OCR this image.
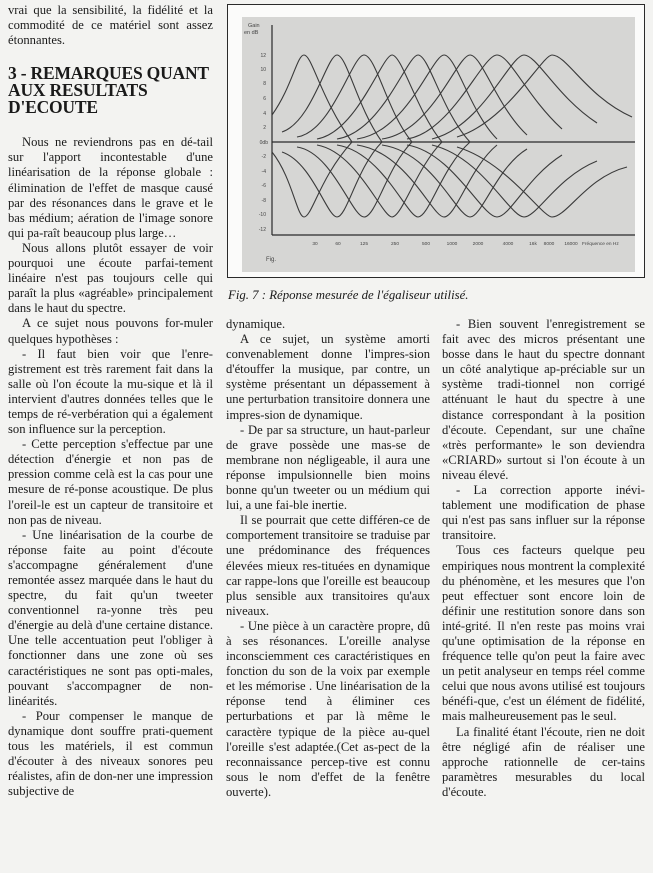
vrai que la sensibilité, la fidélité et la commodité de ce matériel sont assez étonnantes.

3 - REMARQUES QUANT AUX RESULTATS D'ECOUTE

Nous ne reviendrons pas en dé-tail sur l'apport incontestable d'une linéarisation de la réponse globale : élimination de l'effet de masque causé par des résonances dans le grave et le bas médium; aération de l'image sonore qui pa-raît beaucoup plus large…

Nous allons plutôt essayer de voir pourquoi une écoute parfai-tement linéaire n'est pas toujours celle qui paraît la plus «agréable» principalement dans le haut du spectre.

A ce sujet nous pouvons for-muler quelques hypothèses :

- Il faut bien voir que l'enre-gistrement est très rarement fait dans la salle où l'on écoute la mu-sique et là il intervient d'autres données telles que le temps de ré-verbération qui a également son influence sur la perception.

- Cette perception s'effectue par une détection d'énergie et non pas de pression comme celà est la cas pour une mesure de ré-ponse acoustique. De plus l'oreil-le est un capteur de transitoire et non pas de niveau.

- Une linéarisation de la courbe de réponse faite au point d'écoute s'accompagne généralement d'une remontée assez marquée dans le haut du spectre, du fait qu'un tweeter conventionnel ra-yonne très peu d'énergie au delà d'une certaine distance. Une telle accentuation peut l'obliger à fonctionner dans une zone où ses caractéristiques ne sont pas opti-males, pouvant s'accompagner de non-linéarités.

- Pour compenser le manque de dynamique dont souffre prati-quement tous les matériels, il est commun d'écouter à des niveaux sonores peu réalistes, afin de don-ner une impression subjective de

Gain
en dB
12
10
8
6
4
2
0db
-2
-4
-6
-8
-10
-12
30	60	125	250	500	1000	2000	4000	16k 8000 16000 Fréquence en Hz
Fig.
Fig. 7 : Réponse mesurée de l'égaliseur utilisé.

dynamique.

A ce sujet, un système amorti convenablement donne l'impres-sion d'étouffer la musique, par contre, un système présentant un dépassement à une perturbation transitoire donnera une impres-sion de dynamique.

- De par sa structure, un haut-parleur de grave possède une mas-se de membrane non négligeable, il aura une réponse impulsionnelle bien moins bonne qu'un tweeter ou un médium qui lui, a une fai-ble inertie.

Il se pourrait que cette différen-ce de comportement transitoire se traduise par une prédominance des fréquences élevées mieux res-tituées en dynamique car rappe-lons que l'oreille est beaucoup plus sensible aux transitoires qu'aux niveaux.

- Une pièce à un caractère propre, dû à ses résonances. L'oreille analyse inconsciemment ces caractéristiques en fonction du son de la voix par exemple et les mémorise . Une linéarisation de la réponse tend à éliminer ces perturbations et par là même le caractère typique de la pièce au-quel l'oreille s'est adaptée.(Cet as-pect de la reconnaissance percep-tive est connu sous le nom d'effet de la fenêtre ouverte).

- Bien souvent l'enregistrement se fait avec des micros présentant une bosse dans le haut du spectre donnant un côté analytique ap-préciable sur un système tradi-tionnel non corrigé atténuant le haut du spectre à une distance correspondant à la position d'écoute. Cependant, sur une chaîne «très performante» le son deviendra «CRIARD» surtout si l'on écoute à un niveau élevé.

- La correction apporte inévi-tablement une modification de phase qui n'est pas sans influer sur la réponse transitoire.

Tous ces facteurs quelque peu empiriques nous montrent la complexité du phénomène, et les mesures que l'on peut effectuer sont encore loin de définir une restitution sonore dans son inté-grité. Il n'en reste pas moins vrai qu'une optimisation de la réponse en fréquence telle qu'on peut la faire avec un petit analyseur en temps réel comme celui que nous avons utilisé est toujours bénéfi-que, c'est un élément de fidélité, mais malheureusement pas le seul.

La finalité étant l'écoute, rien ne doit être négligé afin de réaliser une approche rationnelle de cer-tains paramètres mesurables du local d'écoute.
